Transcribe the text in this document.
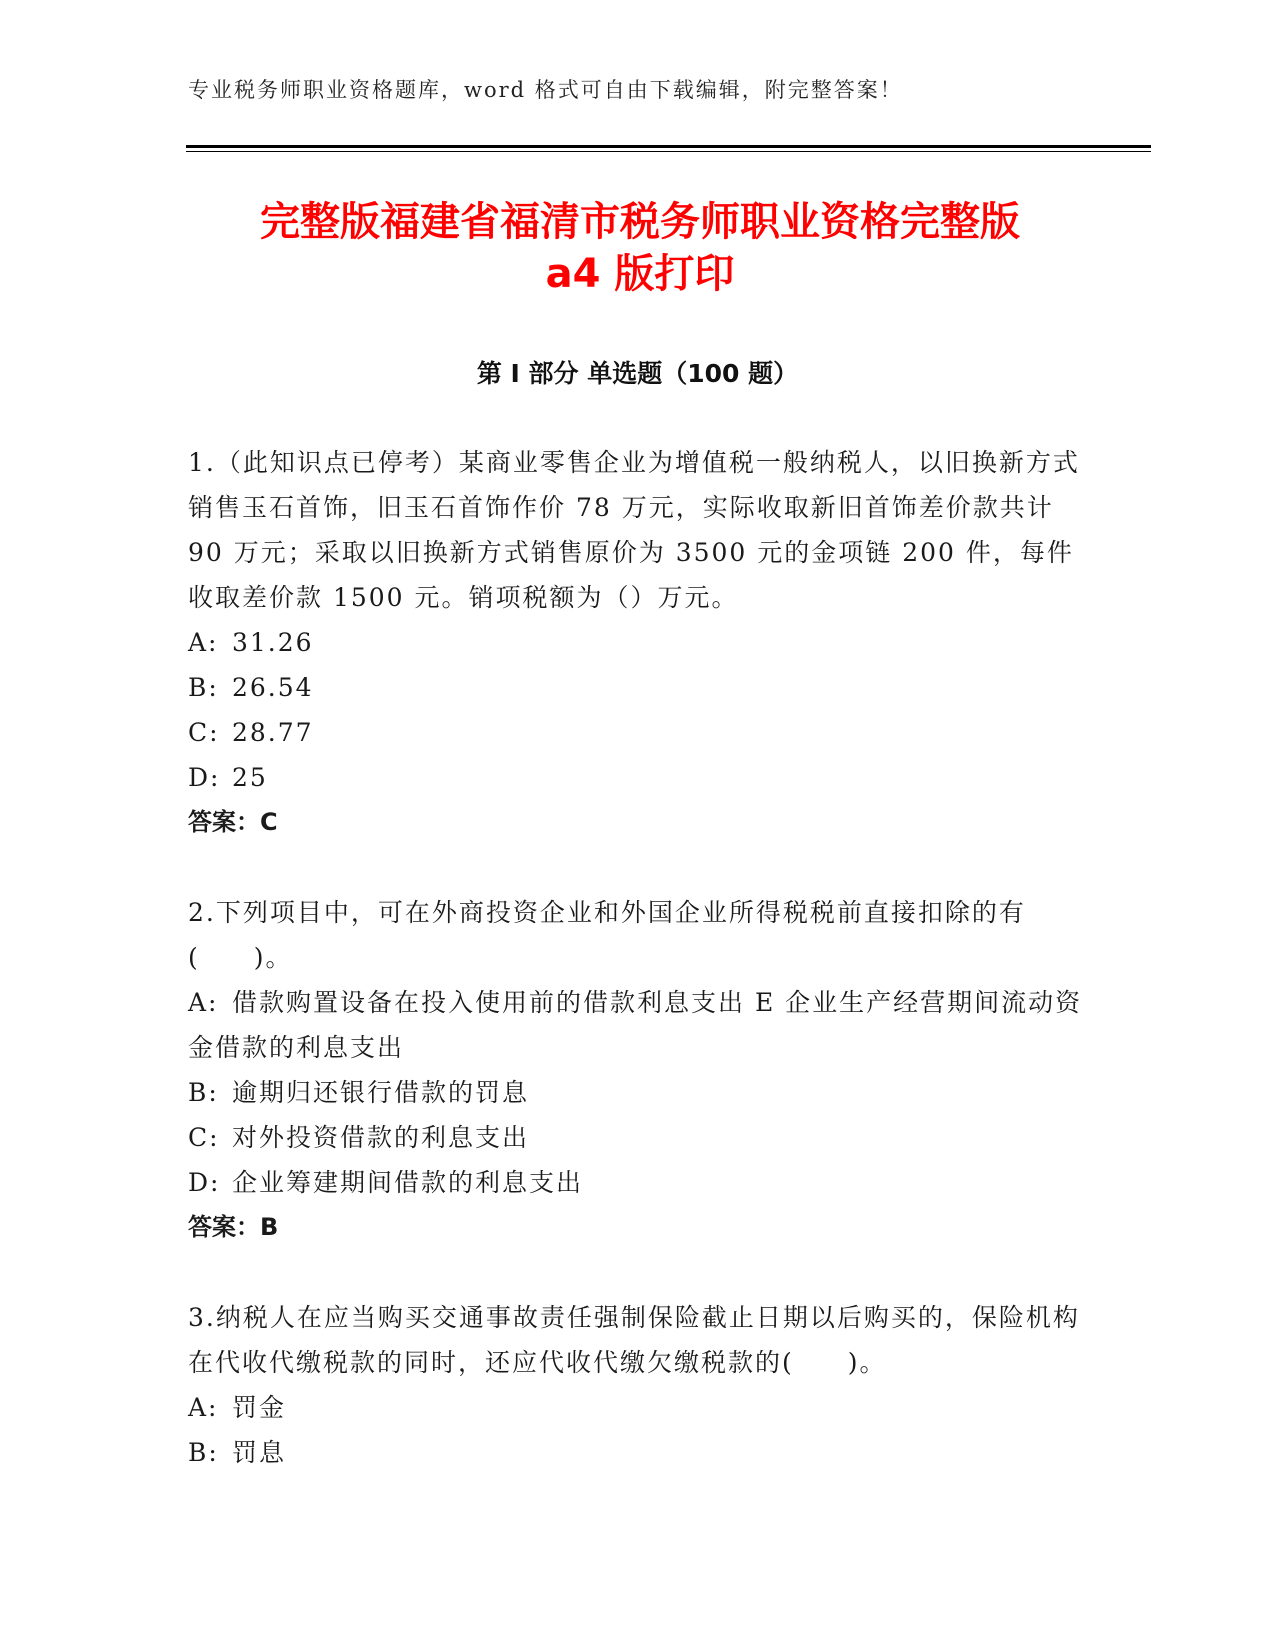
专业税务师职业资格题库，word 格式可自由下载编辑，附完整答案！
完整版福建省福清市税务师职业资格完整版
a4 版打印
第 I 部分 单选题（100 题）
1.（此知识点已停考）某商业零售企业为增值税一般纳税人，以旧换新方式销售玉石首饰，旧玉石首饰作价 78 万元，实际收取新旧首饰差价款共计 90 万元；采取以旧换新方式销售原价为 3500 元的金项链 200 件，每件收取差价款 1500 元。销项税额为（）万元。
A: 31.26
B: 26.54
C: 28.77
D: 25
答案：C
2.下列项目中，可在外商投资企业和外国企业所得税税前直接扣除的有(　　)。
A: 借款购置设备在投入使用前的借款利息支出 E 企业生产经营期间流动资金借款的利息支出
B: 逾期归还银行借款的罚息
C: 对外投资借款的利息支出
D: 企业筹建期间借款的利息支出
答案：B
3.纳税人在应当购买交通事故责任强制保险截止日期以后购买的，保险机构在代收代缴税款的同时，还应代收代缴欠缴税款的(　　)。
A: 罚金
B: 罚息
